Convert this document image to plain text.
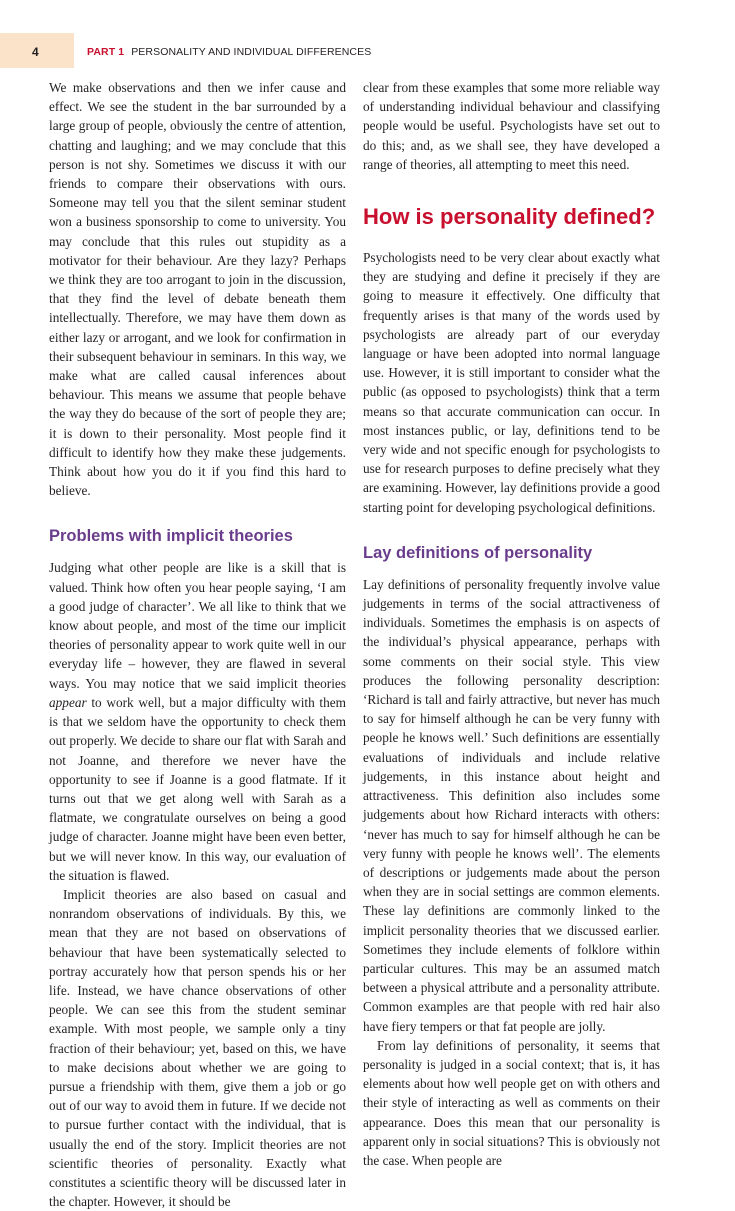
4	PART 1 PERSONALITY AND INDIVIDUAL DIFFERENCES

We make observations and then we infer cause and effect. We see the student in the bar surrounded by a large group of people, obviously the centre of attention, chatting and laughing; and we may conclude that this person is not shy. Sometimes we discuss it with our friends to compare their observations with ours. Someone may tell you that the silent seminar student won a business sponsorship to come to university. You may conclude that this rules out stupidity as a motivator for their behaviour. Are they lazy? Perhaps we think they are too arrogant to join in the discussion, that they find the level of debate beneath them intellectually. Therefore, we may have them down as either lazy or arrogant, and we look for confirmation in their subsequent behaviour in seminars. In this way, we make what are called causal inferences about behaviour. This means we assume that people behave the way they do because of the sort of people they are; it is down to their personality. Most people find it difficult to identify how they make these judgements. Think about how you do it if you find this hard to believe.

Problems with implicit theories

Judging what other people are like is a skill that is valued. Think how often you hear people saying, ‘I am a good judge of character’. We all like to think that we know about people, and most of the time our implicit theories of personality appear to work quite well in our everyday life – however, they are flawed in several ways. You may notice that we said implicit theories appear to work well, but a major difficulty with them is that we seldom have the opportunity to check them out properly. We decide to share our flat with Sarah and not Joanne, and therefore we never have the opportunity to see if Joanne is a good flatmate. If it turns out that we get along well with Sarah as a flatmate, we congratulate ourselves on being a good judge of character. Joanne might have been even better, but we will never know. In this way, our evaluation of the situation is flawed.

Implicit theories are also based on casual and nonrandom observations of individuals. By this, we mean that they are not based on observations of behaviour that have been systematically selected to portray accurately how that person spends his or her life. Instead, we have chance observations of other people. We can see this from the student seminar example. With most people, we sample only a tiny fraction of their behaviour; yet, based on this, we have to make decisions about whether we are going to pursue a friendship with them, give them a job or go out of our way to avoid them in future. If we decide not to pursue further contact with the individual, that is usually the end of the story. Implicit theories are not scientific theories of personality. Exactly what constitutes a scientific theory will be discussed later in the chapter. However, it should be

clear from these examples that some more reliable way of understanding individual behaviour and classifying people would be useful. Psychologists have set out to do this; and, as we shall see, they have developed a range of theories, all attempting to meet this need.

How is personality defined?

Psychologists need to be very clear about exactly what they are studying and define it precisely if they are going to measure it effectively. One difficulty that frequently arises is that many of the words used by psychologists are already part of our everyday language or have been adopted into normal language use. However, it is still important to consider what the public (as opposed to psychologists) think that a term means so that accurate communication can occur. In most instances public, or lay, definitions tend to be very wide and not specific enough for psychologists to use for research purposes to define precisely what they are examining. However, lay definitions provide a good starting point for developing psychological definitions.

Lay definitions of personality

Lay definitions of personality frequently involve value judgements in terms of the social attractiveness of individuals. Sometimes the emphasis is on aspects of the individual’s physical appearance, perhaps with some comments on their social style. This view produces the following personality description: ‘Richard is tall and fairly attractive, but never has much to say for himself although he can be very funny with people he knows well.’ Such definitions are essentially evaluations of individuals and include relative judgements, in this instance about height and attractiveness. This definition also includes some judgements about how Richard interacts with others: ‘never has much to say for himself although he can be very funny with people he knows well’. The elements of descriptions or judgements made about the person when they are in social settings are common elements. These lay definitions are commonly linked to the implicit personality theories that we discussed earlier. Sometimes they include elements of folklore within particular cultures. This may be an assumed match between a physical attribute and a personality attribute. Common examples are that people with red hair also have fiery tempers or that fat people are jolly.

From lay definitions of personality, it seems that personality is judged in a social context; that is, it has elements about how well people get on with others and their style of interacting as well as comments on their appearance. Does this mean that our personality is apparent only in social situations? This is obviously not the case. When people are
